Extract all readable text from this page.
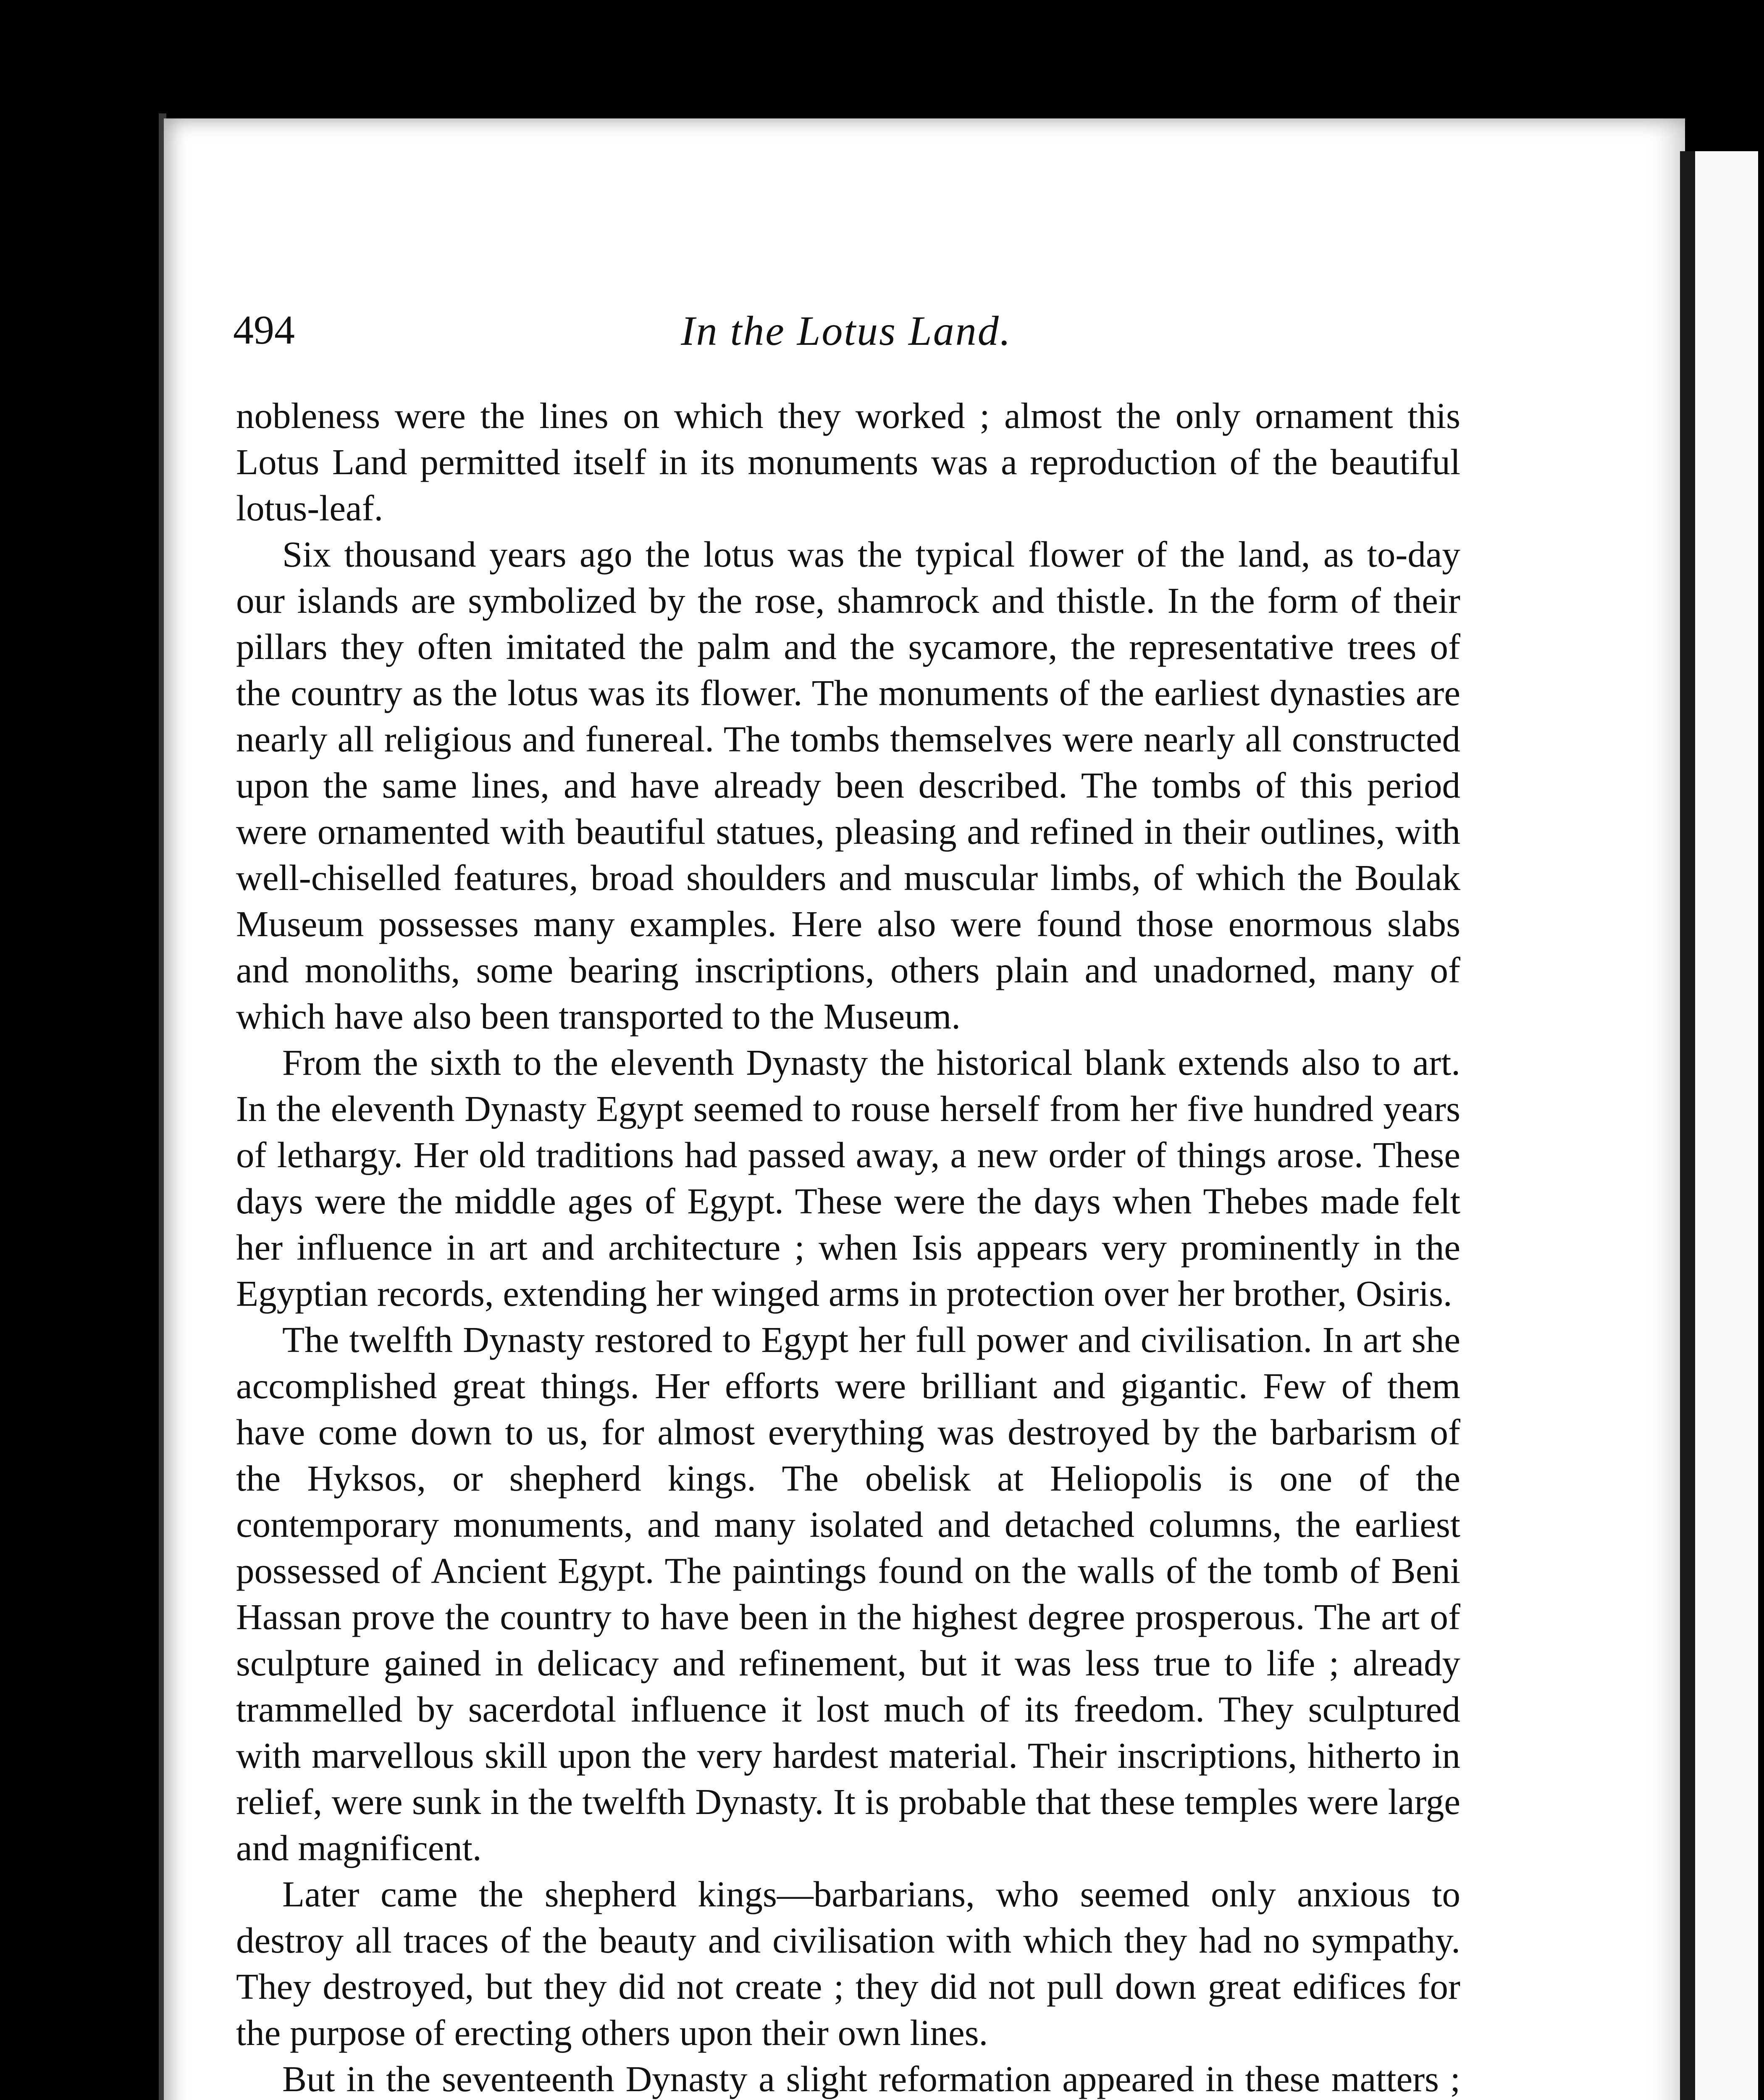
494	In the Lotus Land.

nobleness were the lines on which they worked ; almost the only ornament this Lotus Land permitted itself in its monuments was a reproduction of the beautiful lotus-leaf.

Six thousand years ago the lotus was the typical flower of the land, as to-day our islands are symbolized by the rose, shamrock and thistle. In the form of their pillars they often imitated the palm and the sycamore, the representative trees of the country as the lotus was its flower. The monuments of the earliest dynasties are nearly all religious and funereal. The tombs themselves were nearly all constructed upon the same lines, and have already been described. The tombs of this period were ornamented with beautiful statues, pleasing and refined in their outlines, with well-chiselled features, broad shoulders and muscular limbs, of which the Boulak Museum possesses many examples. Here also were found those enormous slabs and monoliths, some bearing inscriptions, others plain and unadorned, many of which have also been transported to the Museum.

From the sixth to the eleventh Dynasty the historical blank extends also to art. In the eleventh Dynasty Egypt seemed to rouse herself from her five hundred years of lethargy. Her old traditions had passed away, a new order of things arose. These days were the middle ages of Egypt. These were the days when Thebes made felt her influence in art and architecture ; when Isis appears very prominently in the Egyptian records, extending her winged arms in protection over her brother, Osiris.

The twelfth Dynasty restored to Egypt her full power and civilisation. In art she accomplished great things. Her efforts were brilliant and gigantic. Few of them have come down to us, for almost everything was destroyed by the barbarism of the Hyksos, or shepherd kings. The obelisk at Heliopolis is one of the contemporary monuments, and many isolated and detached columns, the earliest possessed of Ancient Egypt. The paintings found on the walls of the tomb of Beni Hassan prove the country to have been in the highest degree prosperous. The art of sculpture gained in delicacy and refinement, but it was less true to life ; already trammelled by sacerdotal influence it lost much of its freedom. They sculptured with marvellous skill upon the very hardest material. Their inscriptions, hitherto in relief, were sunk in the twelfth Dynasty. It is probable that these temples were large and magnificent.

Later came the shepherd kings—barbarians, who seemed only anxious to destroy all traces of the beauty and civilisation with which they had no sympathy. They destroyed, but they did not create ; they did not pull down great edifices for the purpose of erecting others upon their own lines.

But in the seventeenth Dynasty a slight reformation appeared in these matters ;
